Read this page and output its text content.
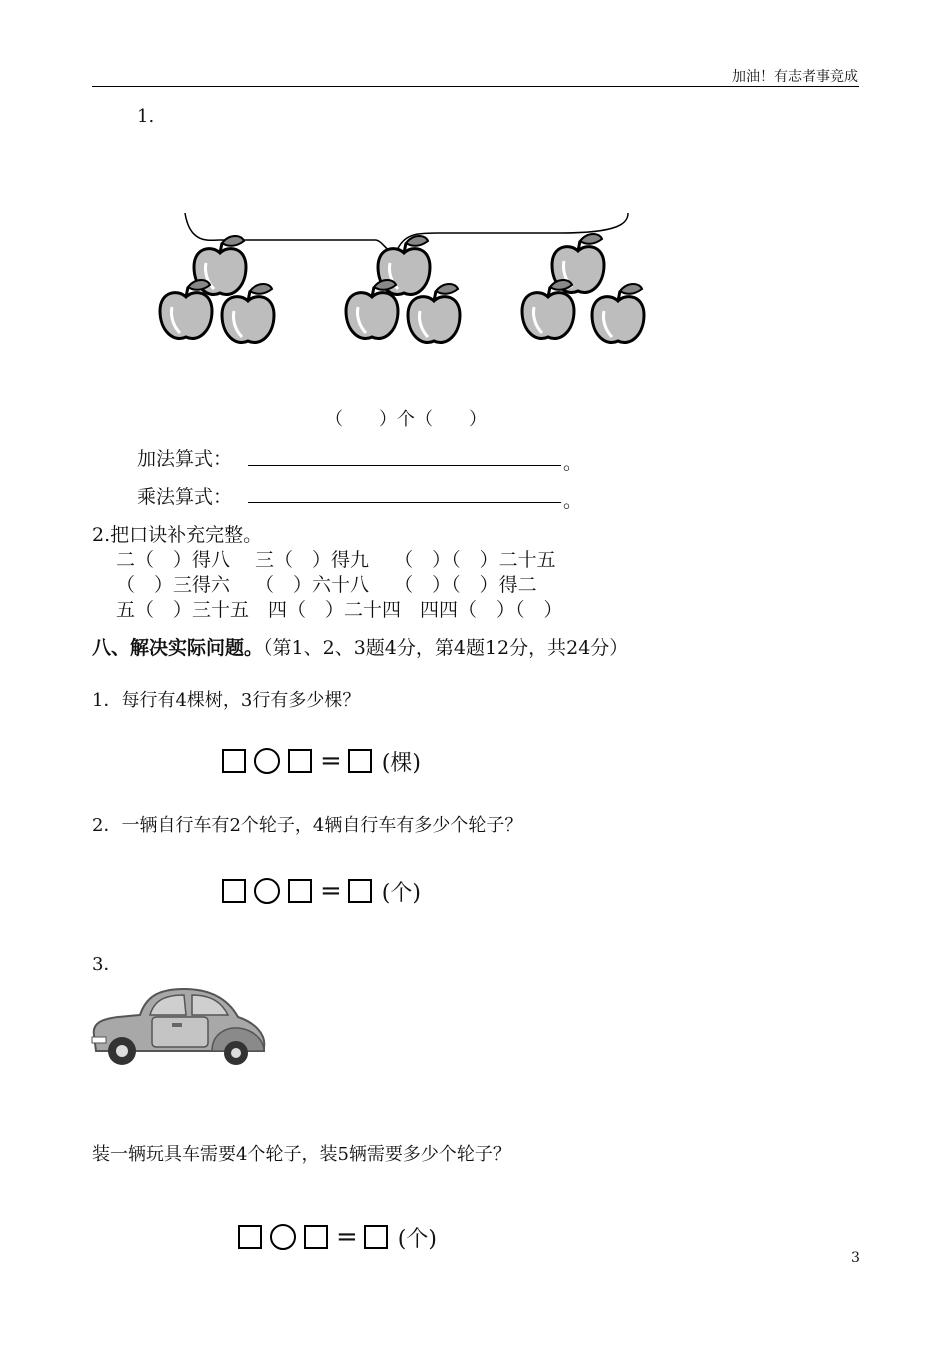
加油！有志者事竞成
1.
（　　）个（　　）
加法算式：	。
乘法算式：	。
2.把口诀补充完整。
二（　）得八　 三（　）得九　 （　）（　）二十五
（　）三得六　 （　）六十八　 （　）（　）得二
五（　）三十五　四（　）二十四　四四（　）（　）
八、解决实际问题。（第1、2、3题4分，第4题12分，共24分）
1．每行有4棵树，3行有多少棵？
= (棵)
2．一辆自行车有2个轮子，4辆自行车有多少个轮子？
= (个)
3．
装一辆玩具车需要4个轮子，装5辆需要多少个轮子？
= (个)
3
